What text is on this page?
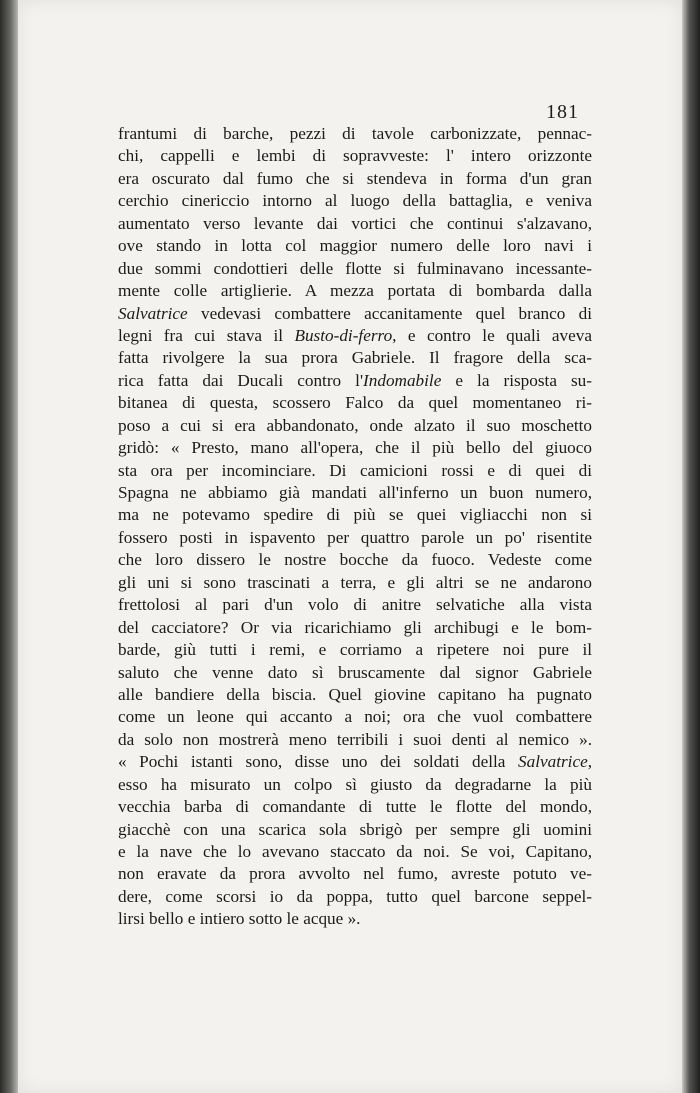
181
frantumi di barche, pezzi di tavole carbonizzate, pennac-
chi, cappelli e lembi di sopravveste: l' intero orizzonte
era oscurato dal fumo che si stendeva in forma d'un gran
cerchio cinericcio intorno al luogo della battaglia, e veniva
aumentato verso levante dai vortici che continui s'alzavano,
ove stando in lotta col maggior numero delle loro navi i
due sommi condottieri delle flotte si fulminavano incessante-
mente colle artiglierie. A mezza portata di bombarda dalla
Salvatrice vedevasi combattere accanitamente quel branco di
legni fra cui stava il Busto-di-ferro, e contro le quali aveva
fatta rivolgere la sua prora Gabriele. Il fragore della sca-
rica fatta dai Ducali contro l'Indomabile e la risposta su-
bitanea di questa, scossero Falco da quel momentaneo ri-
poso a cui si era abbandonato, onde alzato il suo moschetto
gridò: « Presto, mano all'opera, che il più bello del giuoco
sta ora per incominciare. Di camicioni rossi e di quei di
Spagna ne abbiamo già mandati all'inferno un buon numero,
ma ne potevamo spedire di più se quei vigliacchi non si
fossero posti in ispavento per quattro parole un po' risentite
che loro dissero le nostre bocche da fuoco. Vedeste come
gli uni si sono trascinati a terra, e gli altri se ne andarono
frettolosi al pari d'un volo di anitre selvatiche alla vista
del cacciatore? Or via ricarichiamo gli archibugi e le bom-
barde, giù tutti i remi, e corriamo a ripetere noi pure il
saluto che venne dato sì bruscamente dal signor Gabriele
alle bandiere della biscia. Quel giovine capitano ha pugnato
come un leone qui accanto a noi; ora che vuol combattere
da solo non mostrerà meno terribili i suoi denti al nemico ».
« Pochi istanti sono, disse uno dei soldati della Salvatrice,
esso ha misurato un colpo sì giusto da degradarne la più
vecchia barba di comandante di tutte le flotte del mondo,
giacchè con una scarica sola sbrigò per sempre gli uomini
e la nave che lo avevano staccato da noi. Se voi, Capitano,
non eravate da prora avvolto nel fumo, avreste potuto ve-
dere, come scorsi io da poppa, tutto quel barcone seppel-
lirsi bello e intiero sotto le acque ».
